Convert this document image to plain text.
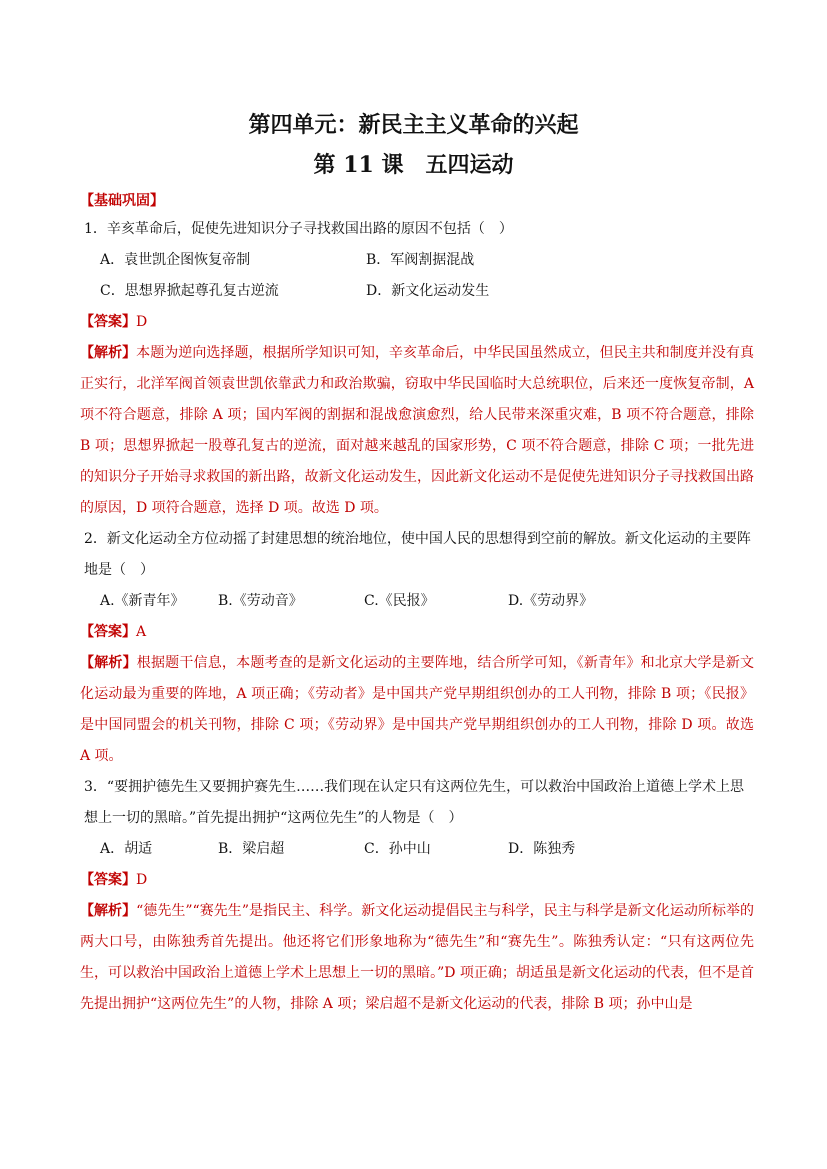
第四单元：新民主主义革命的兴起

第 11 课　五四运动

【基础巩固】

1．辛亥革命后，促使先进知识分子寻找救国出路的原因不包括（　）

A．袁世凯企图恢复帝制	B．军阀割据混战
C．思想界掀起尊孔复古逆流	D．新文化运动发生

【答案】D

【解析】本题为逆向选择题，根据所学知识可知，辛亥革命后，中华民国虽然成立，但民主共和制度并没有真正实行，北洋军阀首领袁世凯依靠武力和政治欺骗，窃取中华民国临时大总统职位，后来还一度恢复帝制，A 项不符合题意，排除 A 项；国内军阀的割据和混战愈演愈烈，给人民带来深重灾难，B 项不符合题意，排除 B 项；思想界掀起一股尊孔复古的逆流，面对越来越乱的国家形势，C 项不符合题意，排除 C 项；一批先进的知识分子开始寻求救国的新出路，故新文化运动发生，因此新文化运动不是促使先进知识分子寻找救国出路的原因，D 项符合题意，选择 D 项。故选 D 项。

2．新文化运动全方位动摇了封建思想的统治地位，使中国人民的思想得到空前的解放。新文化运动的主要阵地是（　）

A.《新青年》 B.《劳动音》	C.《民报》	D.《劳动界》

【答案】A

【解析】根据题干信息，本题考查的是新文化运动的主要阵地，结合所学可知，《新青年》和北京大学是新文化运动最为重要的阵地，A 项正确；《劳动者》是中国共产党早期组织创办的工人刊物，排除 B 项；《民报》是中国同盟会的机关刊物，排除 C 项；《劳动界》是中国共产党早期组织创办的工人刊物，排除 D 项。故选 A 项。

3．“要拥护德先生又要拥护赛先生……我们现在认定只有这两位先生，可以救治中国政治上道德上学术上思想上一切的黑暗。”首先提出拥护“这两位先生”的人物是（　）

A．胡适	B．梁启超	C．孙中山	D．陈独秀

【答案】D

【解析】“德先生”“赛先生”是指民主、科学。新文化运动提倡民主与科学，民主与科学是新文化运动所标举的两大口号，由陈独秀首先提出。他还将它们形象地称为“德先生”和“赛先生”。陈独秀认定：“只有这两位先生，可以救治中国政治上道德上学术上思想上一切的黑暗。”D 项正确；胡适虽是新文化运动的代表，但不是首先提出拥护“这两位先生”的人物，排除 A 项；梁启超不是新文化运动的代表，排除 B 项；孙中山是
